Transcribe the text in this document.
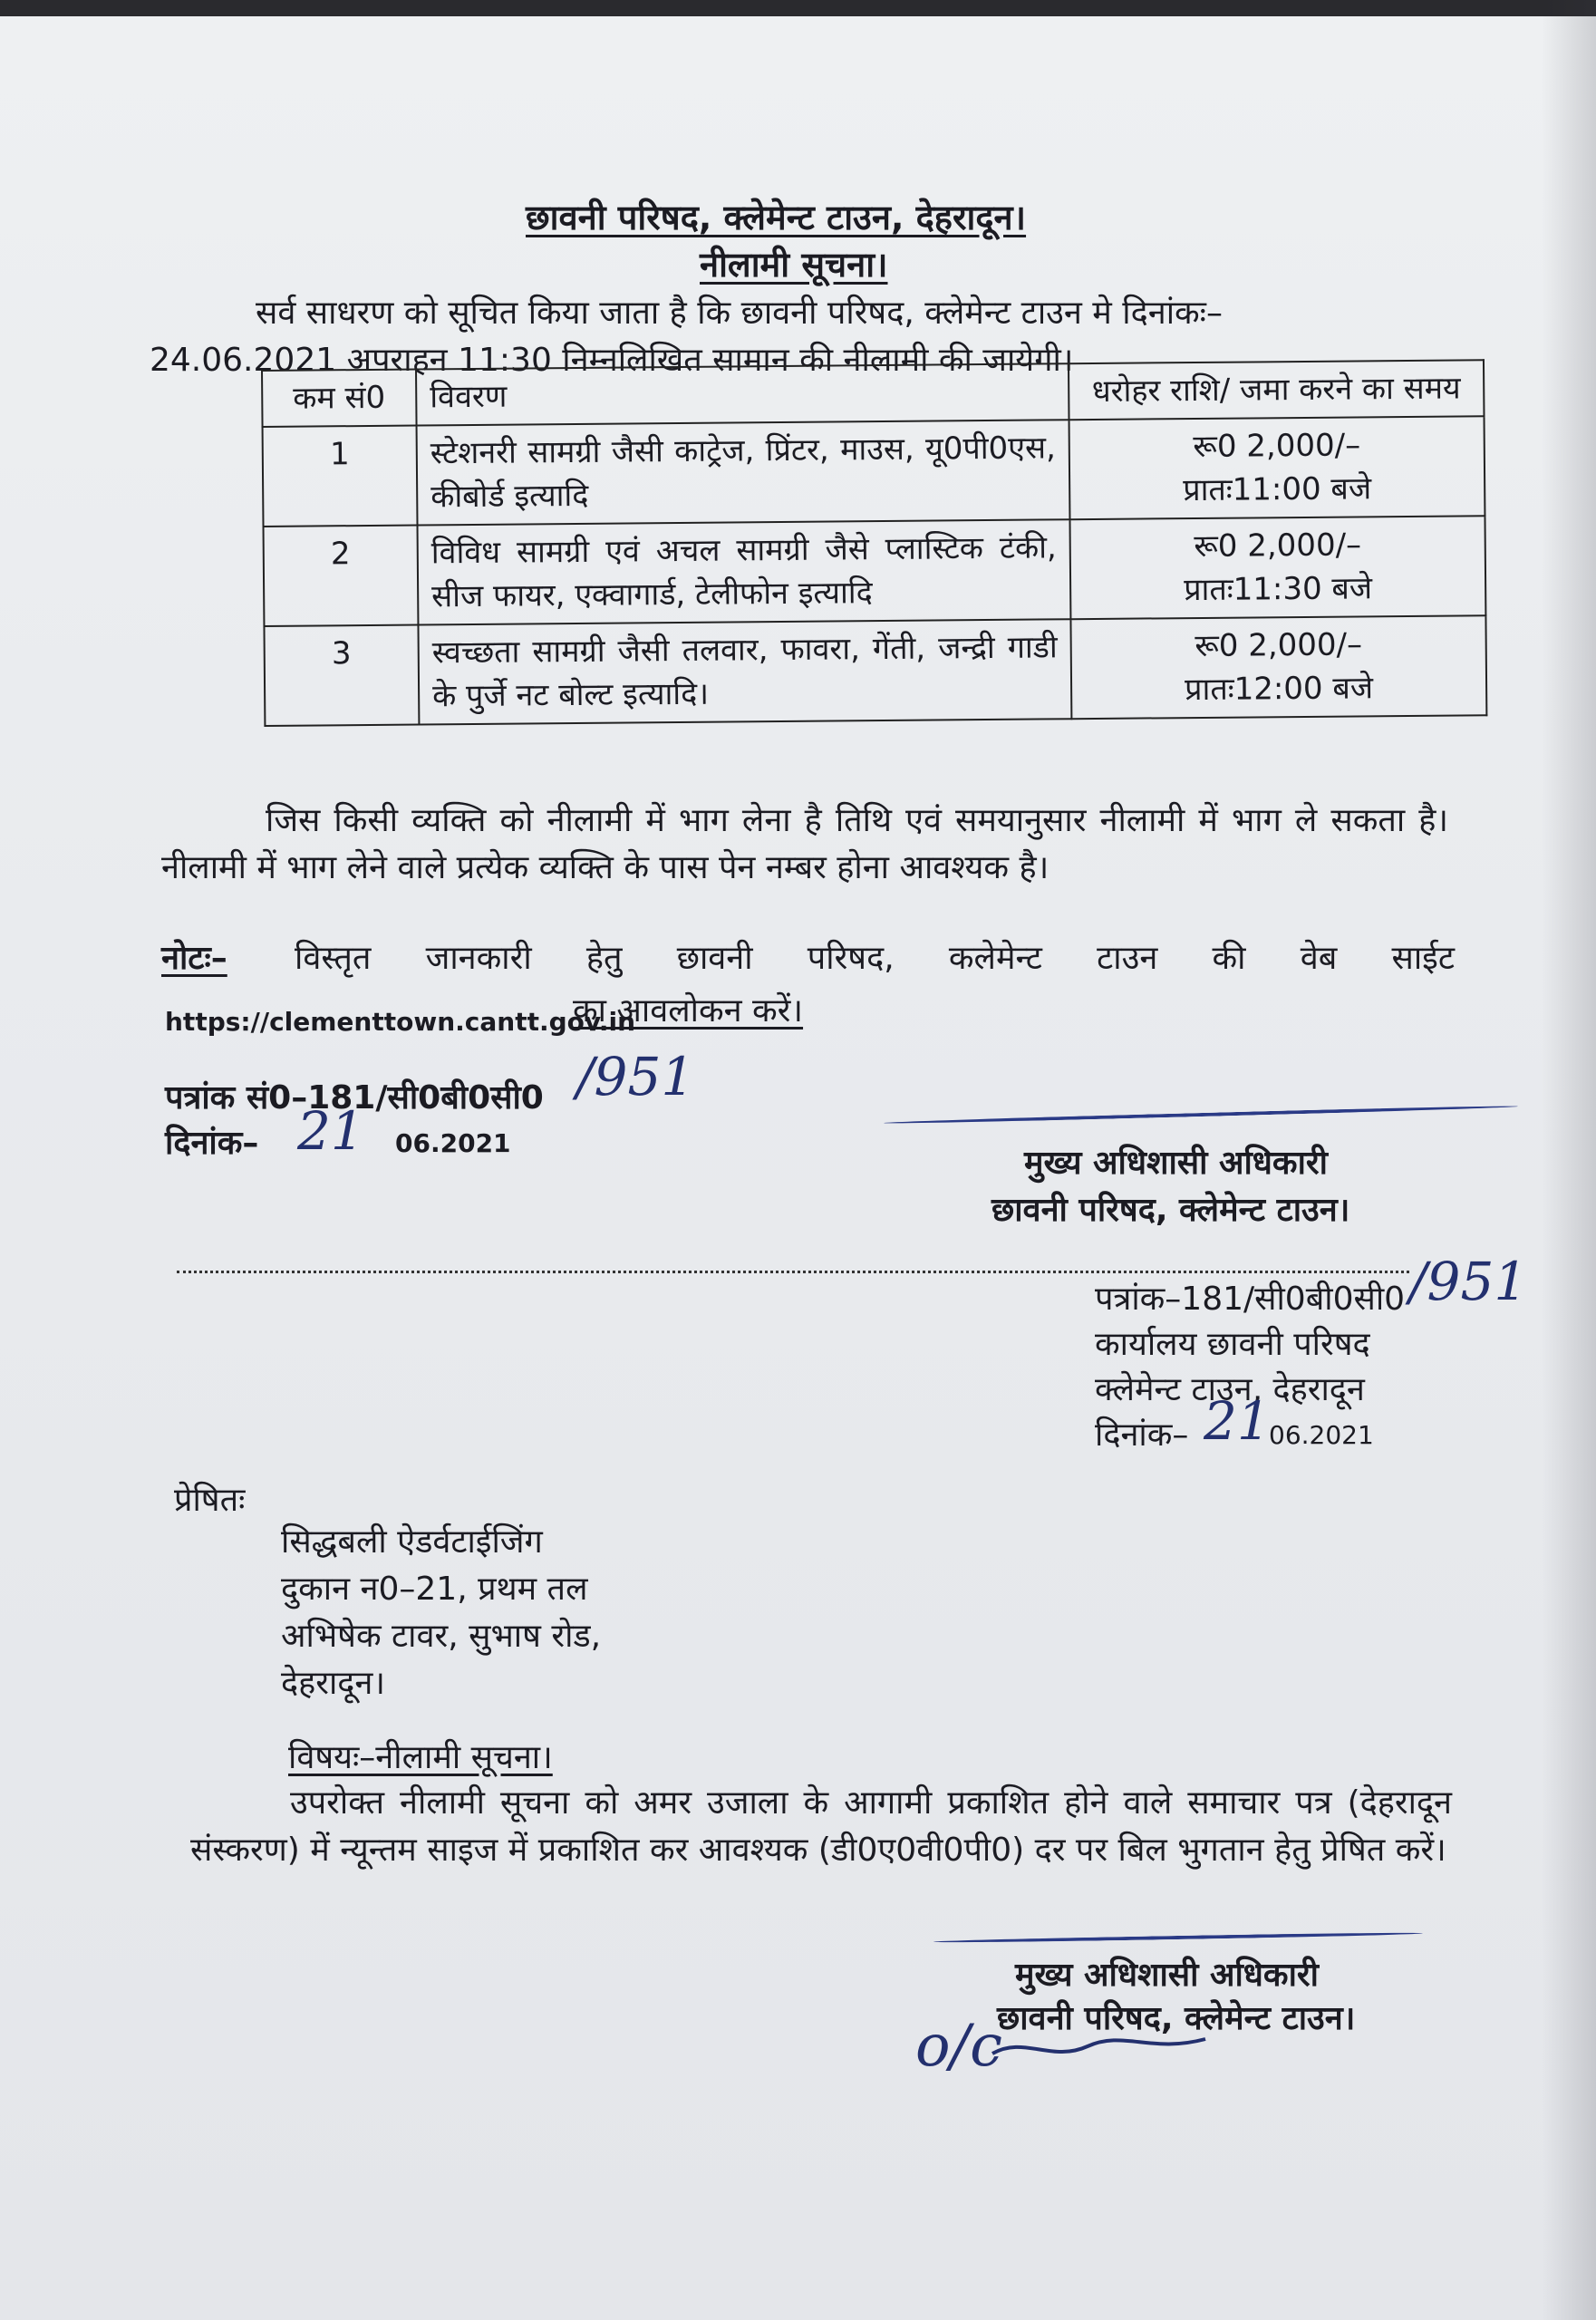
छावनी परिषद, क्लेमेन्ट टाउन, देहरादून।
नीलामी सूचना।
सर्व साधरण को सूचित किया जाता है कि छावनी परिषद, क्लेमेन्ट टाउन मे दिनांकः–
24.06.2021 अपराहन 11:30 निम्नलिखित सामान की नीलामी की जायेगी।
कम सं0	विवरण	धरोहर राशि/ जमा करने का समय
1	स्टेशनरी सामग्री जैसी काट्रेज, प्रिंटर, माउस, यू0पी0एस, कीबोर्ड इत्यादि	रू0 2,000/–
प्रातः11:00 बजे

2	विविध सामग्री एवं अचल सामग्री जैसे प्लास्टिक टंकी, सीज फायर, एक्वागार्ड, टेलीफोन इत्यादि	रू0 2,000/–
प्रातः11:30 बजे

3	स्वच्छता सामग्री जैसी तलवार, फावरा, गेंती, जन्द्री गाडी के पुर्जे नट बोल्ट इत्यादि।	रू0 2,000/–
प्रातः12:00 बजे
जिस किसी व्यक्ति को नीलामी में भाग लेना है तिथि एवं समयानुसार नीलामी में भाग ले सकता है। नीलामी में भाग लेने वाले प्रत्येक व्यक्ति के पास पेन नम्बर होना आवश्यक है।
नोटः– विस्तृत जानकारी हेतु छावनी परिषद, कलेमेन्ट टाउन की वेब साईट
https://clementtown.cantt.gov.in
का आवलोकन करें।
पत्रांक सं0–181/सी0बी0सी0 /951
दिनांक– 21 06.2021
मुख्य अधिशासी अधिकारी
छावनी परिषद, क्लेमेन्ट टाउन।
पत्रांक–181/सी0बी0सी0 /951
कार्यालय छावनी परिषद
क्लेमेन्ट टाउन, देहरादून
दिनांक– 21
06.2021
प्रेषितः
सिद्धबली ऐडर्वटाईजिंग
दुकान न0–21, प्रथम तल
अभिषेक टावर, सुभाष रोड,
देहरादून।
विषयः–नीलामी सूचना।
उपरोक्त नीलामी सूचना को अमर उजाला के आगामी प्रकाशित होने वाले समाचार पत्र (देहरादून संस्करण) में न्यून्तम साइज में प्रकाशित कर आवश्यक (डी0ए0वी0पी0) दर पर बिल भुगतान हेतु प्रेषित करें।
मुख्य अधिशासी अधिकारी
छावनी परिषद, क्लेमेन्ट टाउन।
o/c
